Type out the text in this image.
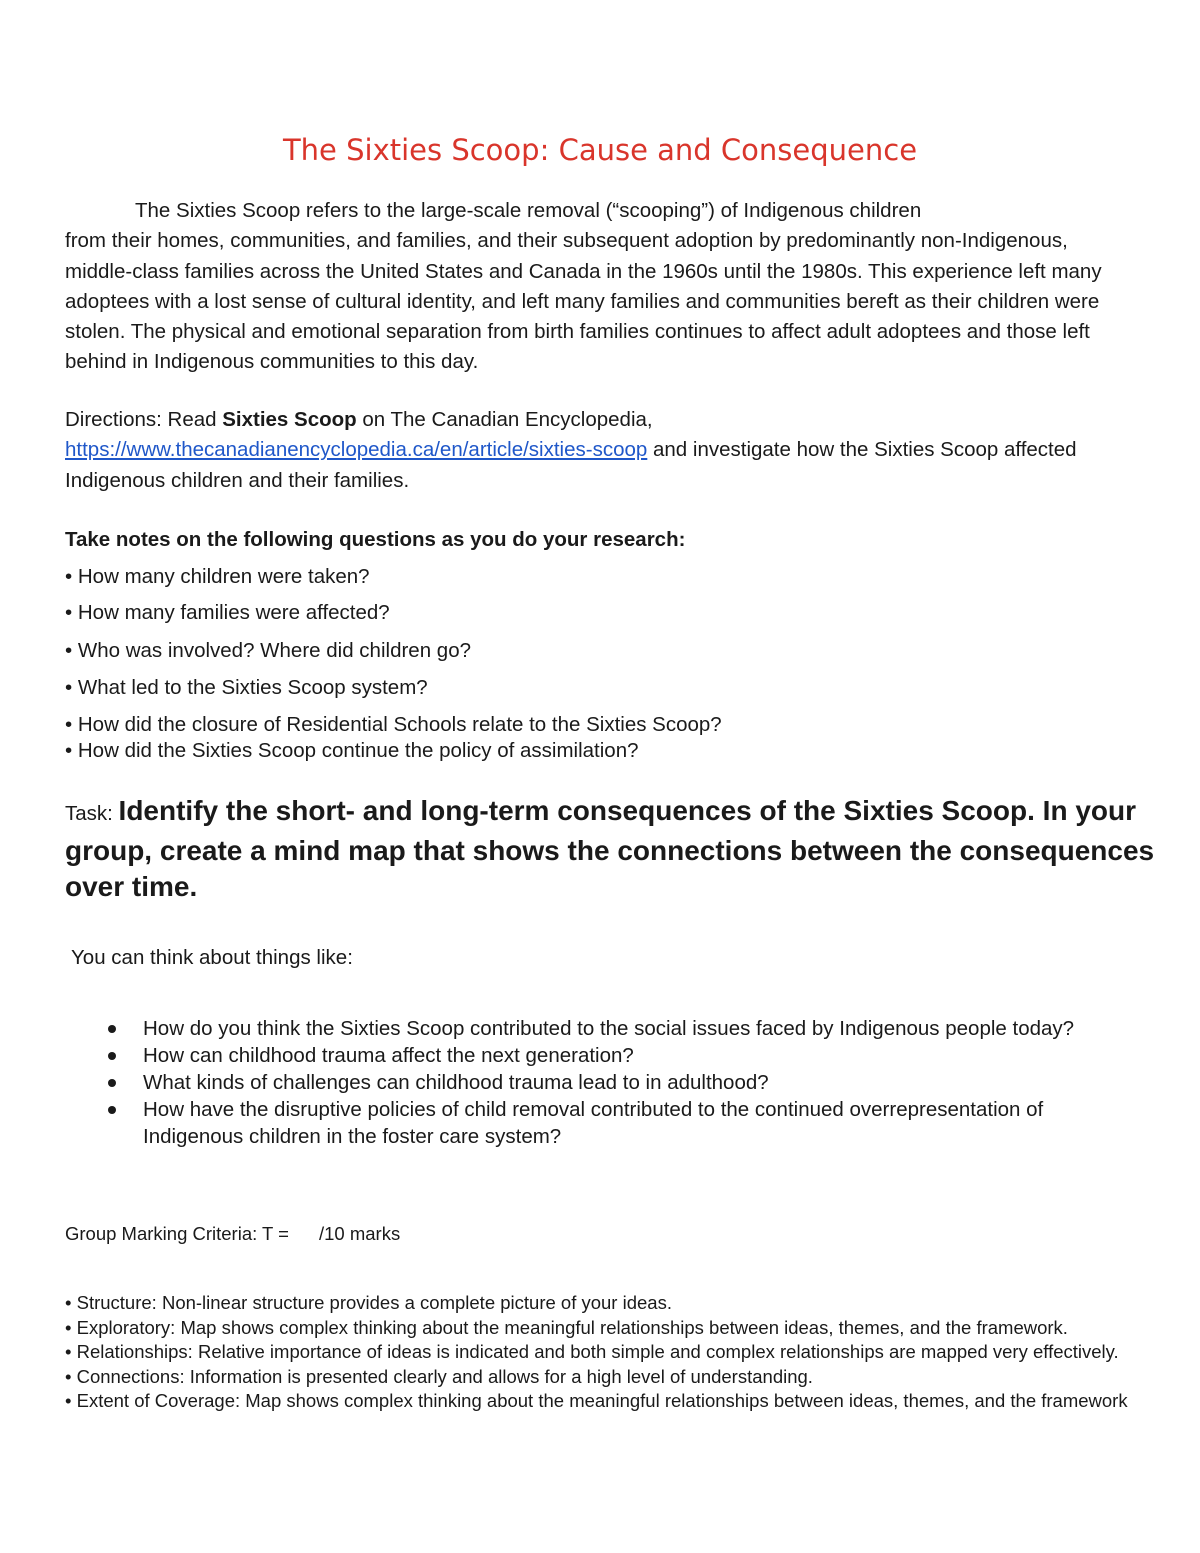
The Sixties Scoop: Cause and Consequence

The Sixties Scoop refers to the large-scale removal (“scooping”) of Indigenous children

from their homes, communities, and families, and their subsequent adoption by predominantly non-Indigenous, middle-class families across the United States and Canada in the 1960s until the 1980s. This experience left many adoptees with a lost sense of cultural identity, and left many families and communities bereft as their children were stolen. The physical and emotional separation from birth families continues to affect adult adoptees and those left behind in Indigenous communities to this day.

Directions: Read Sixties Scoop on The Canadian Encyclopedia,
https://www.thecanadianencyclopedia.ca/en/article/sixties-scoop and investigate how the Sixties Scoop affected Indigenous children and their families.

Take notes on the following questions as you do your research:
• How many children were taken?
• How many families were affected?
• Who was involved? Where did children go?
• What led to the Sixties Scoop system?
• How did the closure of Residential Schools relate to the Sixties Scoop?
• How did the Sixties Scoop continue the policy of assimilation?
Task: Identify the short- and long-term consequences of the Sixties Scoop. In your group, create a mind map that shows the connections between the consequences over time.
You can think about things like:
How do you think the Sixties Scoop contributed to the social issues faced by Indigenous people today?
How can childhood trauma affect the next generation?
What kinds of challenges can childhood trauma lead to in adulthood?
How have the disruptive policies of child removal contributed to the continued overrepresentation of Indigenous children in the foster care system?
Group Marking Criteria: T = /10 marks
• Structure: Non-linear structure provides a complete picture of your ideas.
• Exploratory: Map shows complex thinking about the meaningful relationships between ideas, themes, and the framework.
• Relationships: Relative importance of ideas is indicated and both simple and complex relationships are mapped very effectively.
• Connections: Information is presented clearly and allows for a high level of understanding.
• Extent of Coverage: Map shows complex thinking about the meaningful relationships between ideas, themes, and the framework
